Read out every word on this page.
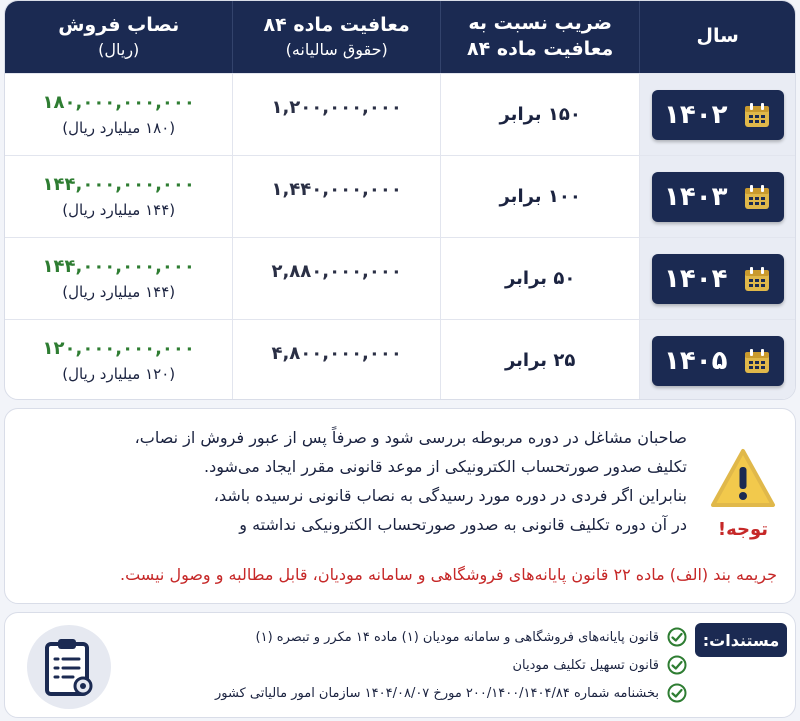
سال
ضریب نسبت به
معافیت ماده ۸۴
معافیت ماده ۸۴
(حقوق سالیانه)
نصاب فروش
(ریال)
۱۴۰۲
۱۵۰ برابر
۱,۲۰۰,۰۰۰,۰۰۰
۱۸۰,۰۰۰,۰۰۰,۰۰۰
(۱۸۰ میلیارد ریال)
۱۴۰۳
۱۰۰ برابر
۱,۴۴۰,۰۰۰,۰۰۰
۱۴۴,۰۰۰,۰۰۰,۰۰۰
(۱۴۴ میلیارد ریال)
۱۴۰۴
۵۰ برابر
۲,۸۸۰,۰۰۰,۰۰۰
۱۴۴,۰۰۰,۰۰۰,۰۰۰
(۱۴۴ میلیارد ریال)
۱۴۰۵
۲۵ برابر
۴,۸۰۰,۰۰۰,۰۰۰
۱۲۰,۰۰۰,۰۰۰,۰۰۰
(۱۲۰ میلیارد ریال)
توجه!
صاحبان مشاغل در دوره مربوطه بررسی شود و صرفاً پس از عبور فروش از نصاب،
تکلیف صدور صورتحساب الکترونیکی از موعد قانونی مقرر ایجاد می‌شود.
بنابراین اگر فردی در دوره مورد رسیدگی به نصاب قانونی نرسیده باشد،
در آن دوره تکلیف قانونی به صدور صورتحساب الکترونیکی نداشته و
جریمه بند (الف) ماده ۲۲ قانون پایانه‌های فروشگاهی و سامانه مودیان، قابل مطالبه و وصول نیست.
مستندات:
قانون پایانه‌های فروشگاهی و سامانه مودیان (۱) ماده ۱۴ مکرر و تبصره (۱)
قانون تسهیل تکلیف مودیان
بخشنامه شماره ۲۰۰/۱۴۰۰/۱۴۰۴/۸۴ مورخ ۱۴۰۴/۰۸/۰۷ سازمان امور مالیاتی کشور
